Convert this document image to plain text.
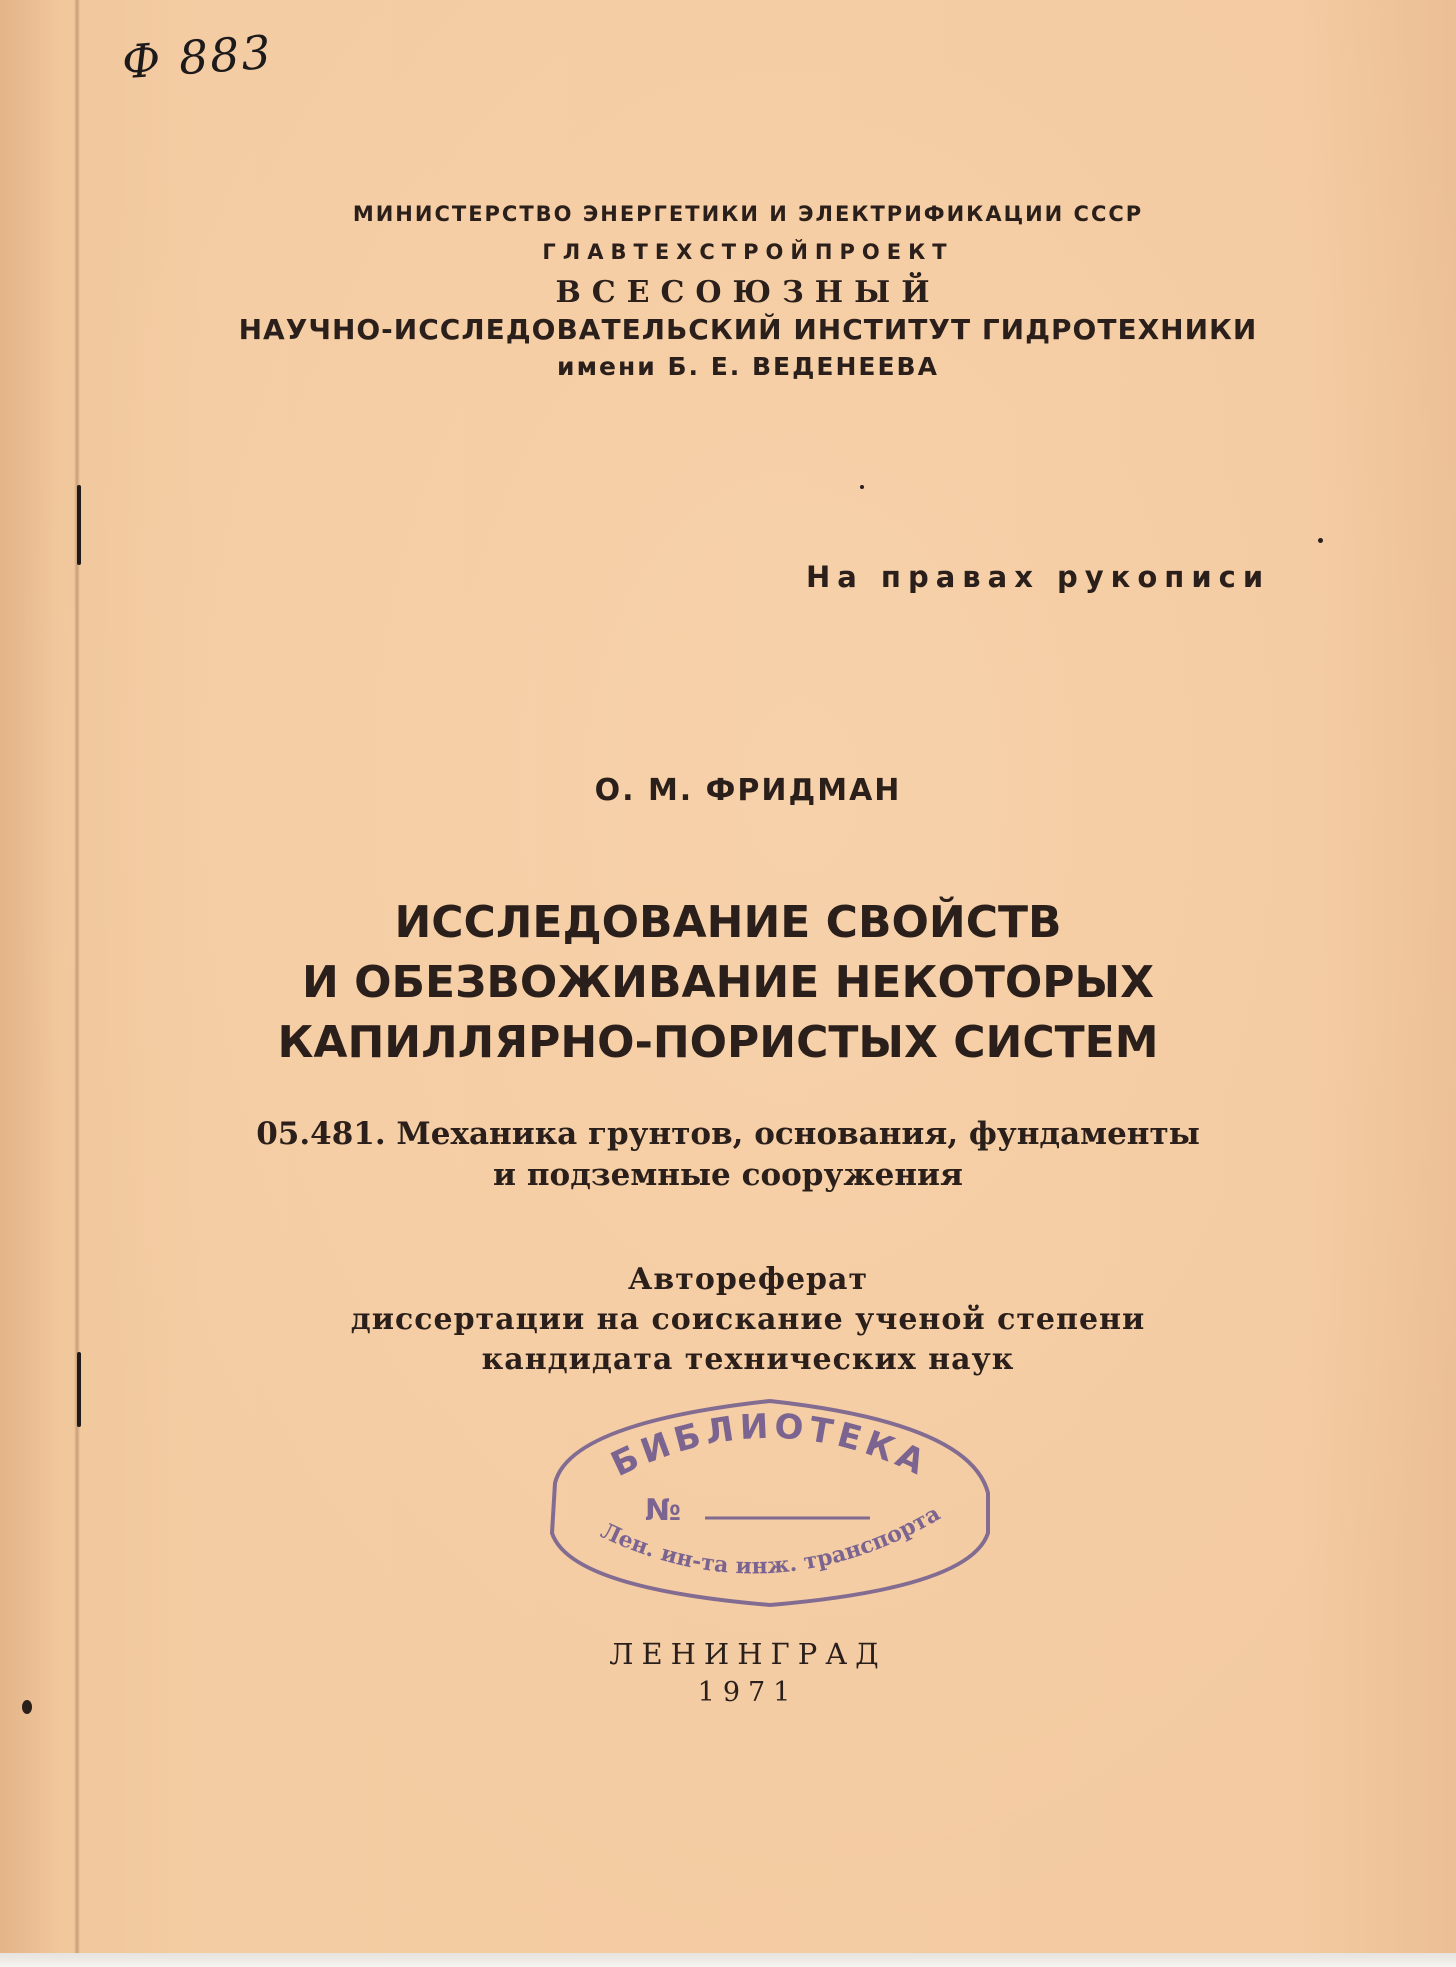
Ф 883
МИНИСТЕРСТВО ЭНЕРГЕТИКИ И ЭЛЕКТРИФИКАЦИИ СССР
ГЛАВТЕХСТРОЙПРОЕКТ
ВСЕСОЮЗНЫЙ
НАУЧНО-ИССЛЕДОВАТЕЛЬСКИЙ ИНСТИТУТ ГИДРОТЕХНИКИ
имени Б. Е. ВЕДЕНЕЕВА
На правах рукописи
О. М. ФРИДМАН
ИССЛЕДОВАНИЕ СВОЙСТВ
И ОБЕЗВОЖИВАНИЕ НЕКОТОРЫХ
КАПИЛЛЯРНО-ПОРИСТЫХ СИСТЕМ
05.481. Механика грунтов, основания, фундаменты
и подземные сооружения
Автореферат
диссертации на соискание ученой степени
кандидата технических наук
БИБЛИОТЕКА
№
Лен. ин-та инж. транспорта
ЛЕНИНГРАД
1971
